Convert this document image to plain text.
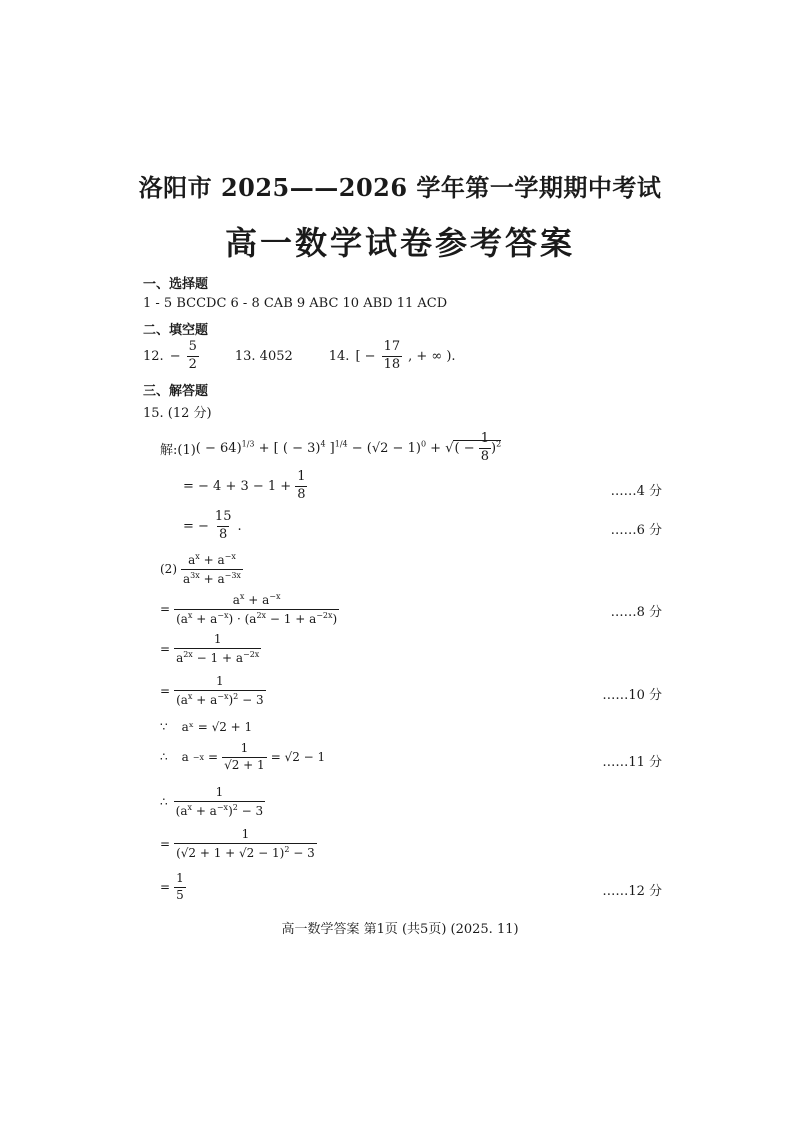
洛阳市 2025——2026 学年第一学期期中考试
高一数学试卷参考答案
一、选择题
1 - 5 BCCDC 6 - 8 CAB 9 ABC 10 ABD 11 ACD
二、填空题
12. − $\frac{5}{2}$	13. 4052	14. [ − $\frac{17}{18}$ , + ∞ ).
三、解答题
15. (12 分)
解:(1) ( − 64)$^{1/3}$ + [ ( − 3)$^4$ ]$^{1/4} - (√2 - 1)^0$ + √( − $\frac{1}{8} )^2$
= − $4 + 3 - 1 + \frac{1}{8}$	……4 分
= − $\frac{15}{8}$ .	……6 分
$(2) \frac{a^x + a^{-x}}{a^{3x} + a^{-3x}}$
= $\frac{a^x + a^{-x}}{(a^x + a^{-x}) \cdot (a^{2x} - 1 + a^{-2x})}$	……8 分
= $\frac{1}{a^{2x} - 1 + a^{-2x}}$
= $\frac{1}{(a^x + a^{-x})^2 - 3}$	……10 分
∵ aˣ = √2 + 1
∴ $a -x = \frac{1}{√2 + 1} = √2 - 1$	……11 分
∴ $\frac{1}{(a^x + a^{-x})^2 - 3}$
= $\frac{1}{(√2 + 1 + √2 - 1)^2 - 3}$
= $\frac{1}{5}$	……12 分
高一数学答案 第1页 (共5页) (2025. 11)
